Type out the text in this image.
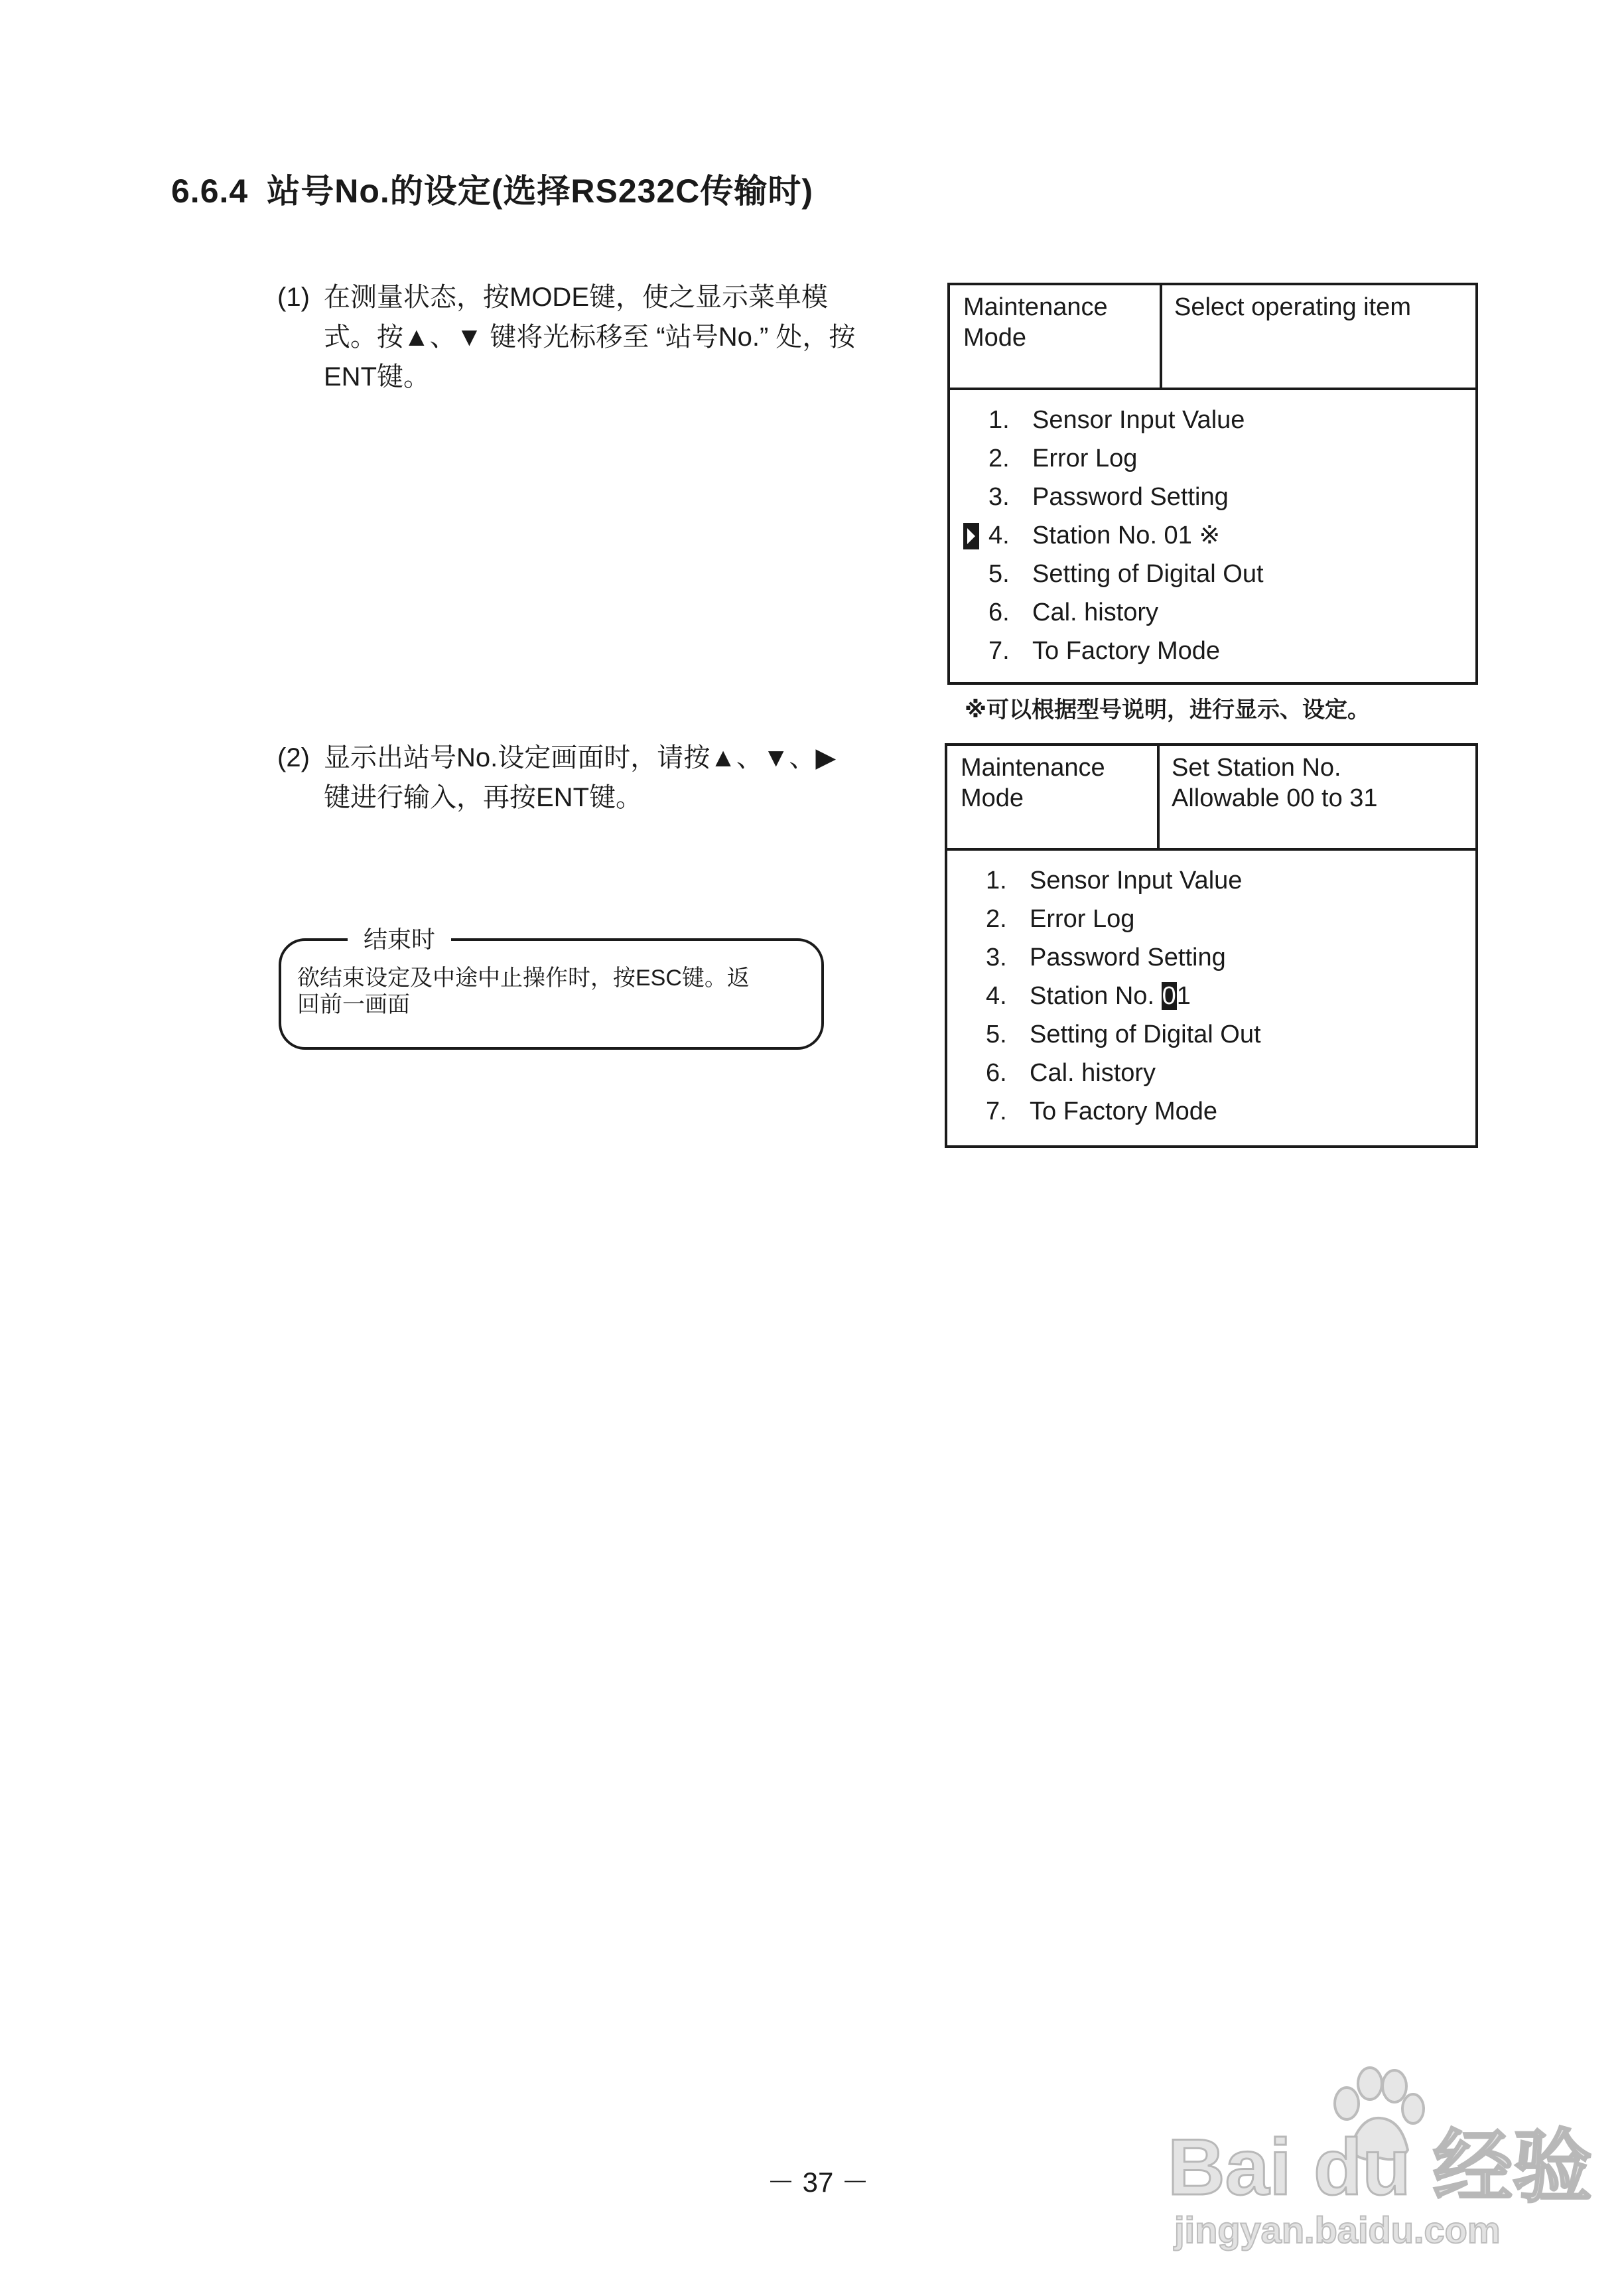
6.6.4 站号No.的设定(选择RS232C传输时)
(1) 在测量状态，按MODE键，使之显示菜单模
式。按▲、▼ 键将光标移至 “站号No.” 处，按
ENT键。
Maintenance
Mode
Select operating item
1. Sensor Input Value
2. Error Log
3. Password Setting
4. Station No. 01 ※
5. Setting of Digital Out
6. Cal. history
7. To Factory Mode
※可以根据型号说明，进行显示、设定。
(2) 显示出站号No.设定画面时，请按▲、▼、▶
键进行输入，再按ENT键。
Maintenance
Mode
Set Station No.
Allowable 00 to 31
1. Sensor Input Value
2. Error Log
3. Password Setting
4. Station No. 01
5. Setting of Digital Out
6. Cal. history
7. To Factory Mode
结束时
欲结束设定及中途中止操作时，按ESC键。返
回前一画面
－ 37 －	Bai du 经验
jingyan.baidu.com
